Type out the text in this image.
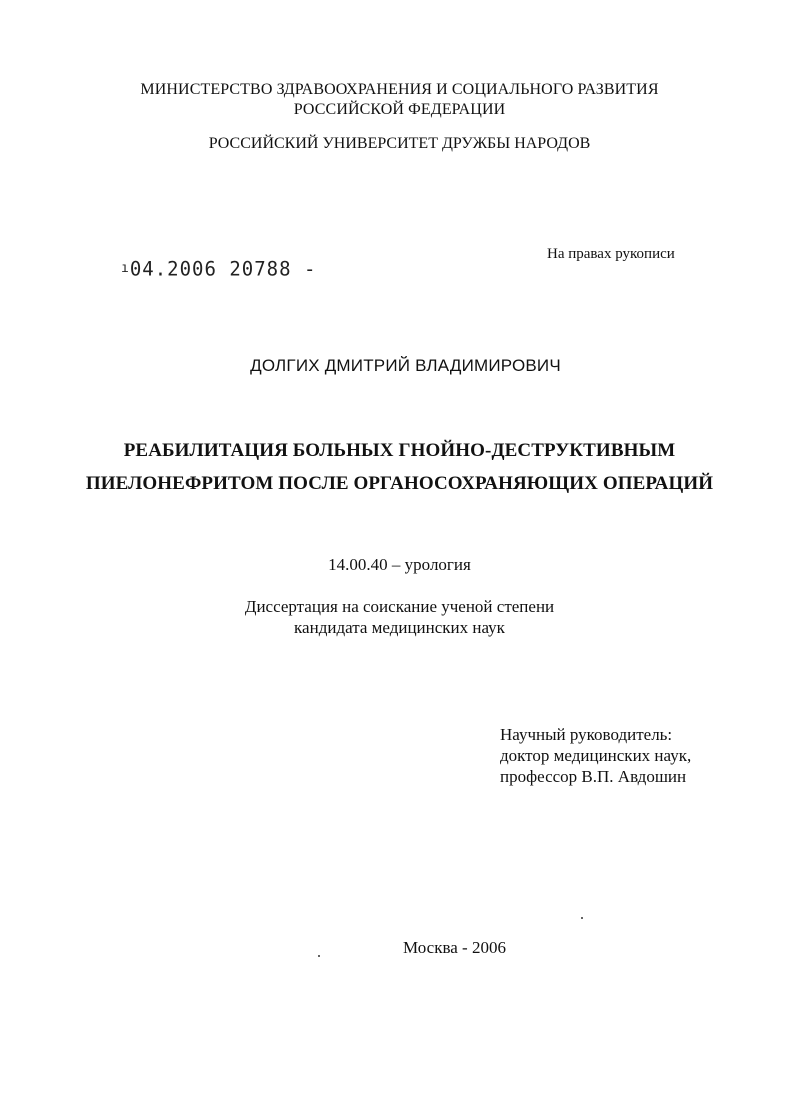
МИНИСТЕРСТВО ЗДРАВООХРАНЕНИЯ И СОЦИАЛЬНОГО РАЗВИТИЯ
РОССИЙСКОЙ ФЕДЕРАЦИИ
РОССИЙСКИЙ УНИВЕРСИТЕТ ДРУЖБЫ НАРОДОВ
На правах рукописи
$^ı$04.2006 20788 -
ДОЛГИХ ДМИТРИЙ ВЛАДИМИРОВИЧ
РЕАБИЛИТАЦИЯ БОЛЬНЫХ ГНОЙНО-ДЕСТРУКТИВНЫМ
ПИЕЛОНЕФРИТОМ ПОСЛЕ ОРГАНОСОХРАНЯЮЩИХ ОПЕРАЦИЙ
14.00.40 – урология
Диссертация на соискание ученой степени
кандидата медицинских наук
Научный руководитель:
доктор медицинских наук,
профессор В.П. Авдошин
Москва - 2006
